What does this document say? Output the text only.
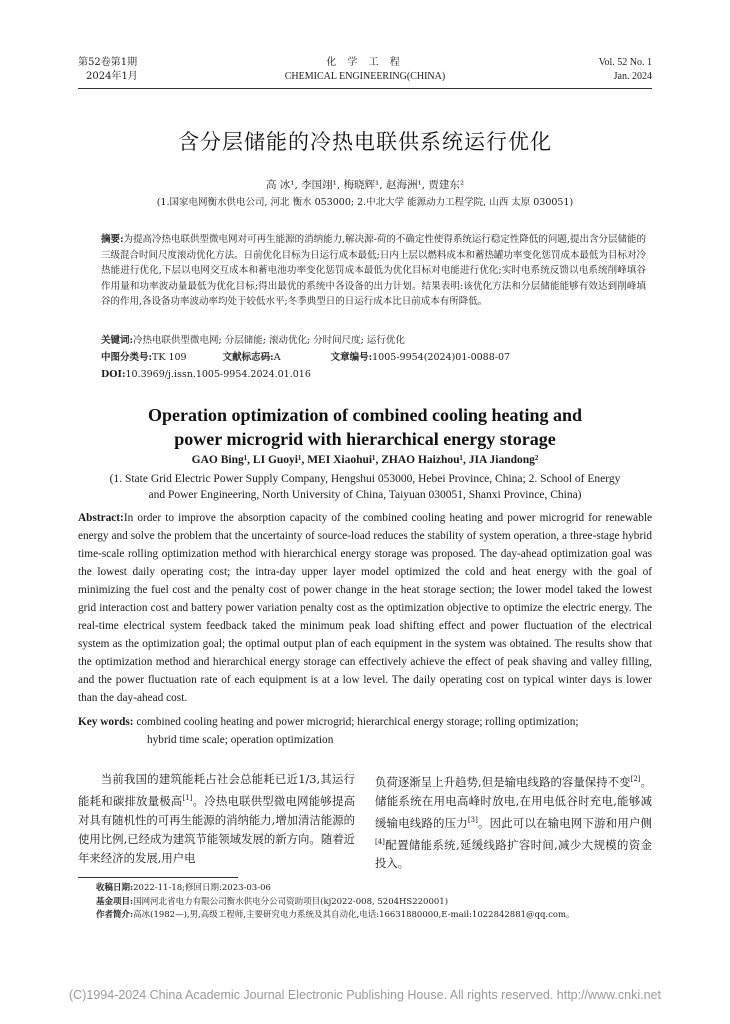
第52卷第1期
2024年1月
化 学 工 程
CHEMICAL ENGINEERING(CHINA)
Vol. 52 No. 1
Jan. 2024
含分层储能的冷热电联供系统运行优化
高 冰¹, 李国翊¹, 梅晓辉¹, 赵海洲¹, 贾建东²
(1.国家电网衡水供电公司, 河北 衡水 053000; 2.中北大学 能源动力工程学院, 山西 太原 030051)
摘要:为提高冷热电联供型微电网对可再生能源的消纳能力,解决源-荷的不确定性使得系统运行稳定性降低的问题,提出含分层储能的三级混合时间尺度滚动优化方法。日前优化目标为日运行成本最低;日内上层以燃料成本和蓄热罐功率变化惩罚成本最低为目标对冷热能进行优化,下层以电网交互成本和蓄电池功率变化惩罚成本最低为优化目标对电能进行优化;实时电系统反馈以电系统削峰填谷作用量和功率波动量最低为优化目标;得出最优的系统中各设备的出力计划。结果表明:该优化方法和分层储能能够有效达到削峰填谷的作用,各设备功率波动率均处于较低水平;冬季典型日的日运行成本比日前成本有所降低。
关键词:冷热电联供型微电网; 分层储能; 滚动优化; 分时间尺度; 运行优化
中图分类号:TK 109	文献标志码:A	文章编号:1005-9954(2024)01-0088-07
DOI:10.3969/j.issn.1005-9954.2024.01.016
Operation optimization of combined cooling heating and
power microgrid with hierarchical energy storage
GAO Bing¹, LI Guoyi¹, MEI Xiaohui¹, ZHAO Haizhou¹, JIA Jiandong²
(1. State Grid Electric Power Supply Company, Hengshui 053000, Hebei Province, China; 2. School of Energy
and Power Engineering, North University of China, Taiyuan 030051, Shanxi Province, China)
Abstract:In order to improve the absorption capacity of the combined cooling heating and power microgrid for renewable energy and solve the problem that the uncertainty of source-load reduces the stability of system operation, a three-stage hybrid time-scale rolling optimization method with hierarchical energy storage was proposed. The day-ahead optimization goal was the lowest daily operating cost; the intra-day upper layer model optimized the cold and heat energy with the goal of minimizing the fuel cost and the penalty cost of power change in the heat storage section; the lower model taked the lowest grid interaction cost and battery power variation penalty cost as the optimization objective to optimize the electric energy. The real-time electrical system feedback taked the minimum peak load shifting effect and power fluctuation of the electrical system as the optimization goal; the optimal output plan of each equipment in the system was obtained. The results show that the optimization method and hierarchical energy storage can effectively achieve the effect of peak shaving and valley filling, and the power fluctuation rate of each equipment is at a low level. The daily operating cost on typical winter days is lower than the day-ahead cost.
Key words: combined cooling heating and power microgrid; hierarchical energy storage; rolling optimization;
hybrid time scale; operation optimization
当前我国的建筑能耗占社会总能耗已近1/3,其运行能耗和碳排放量极高[1]。冷热电联供型微电网能够提高对具有随机性的可再生能源的消纳能力,增加清洁能源的使用比例,已经成为建筑节能领域发展的新方向。随着近年来经济的发展,用户电
负荷逐渐呈上升趋势,但是输电线路的容量保持不变[2]。储能系统在用电高峰时放电,在用电低谷时充电,能够减缓输电线路的压力[3]。因此可以在输电网下游和用户侧[4]配置储能系统,延缓线路扩容时间,减少大规模的资金投入。
收稿日期:2022-11-18;修回日期:2023-03-06
基金项目:国网河北省电力有限公司衡水供电分公司资助项目(kj2022-008, 5204HS220001)
作者简介:高冰(1982—),男,高级工程师,主要研究电力系统及其自动化,电话:16631880000,E-mail:1022842881@qq.com。
(C)1994-2024 China Academic Journal Electronic Publishing House. All rights reserved. http://www.cnki.net
